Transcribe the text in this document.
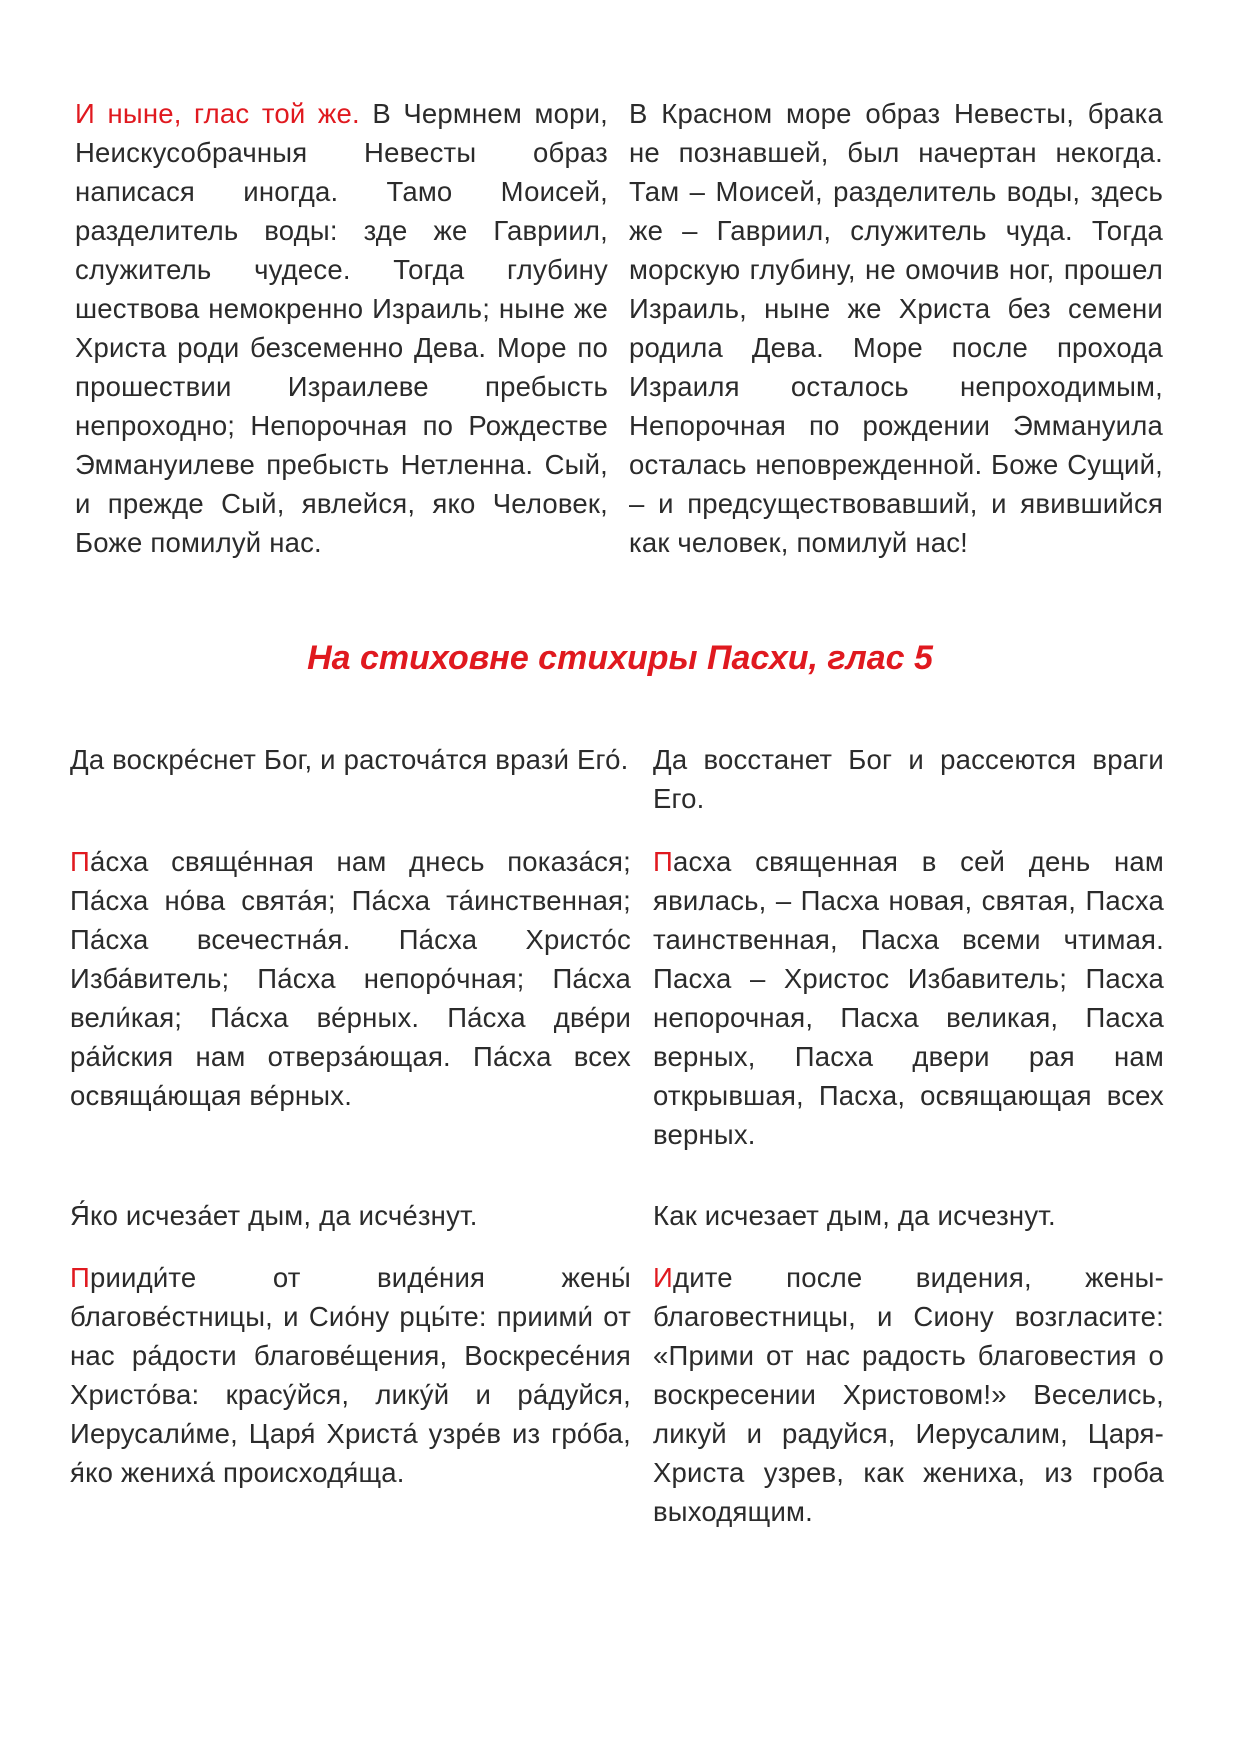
И ныне, глас той же. В Чермнем мори, Неискусобрачныя Невесты образ написася иногда. Тамо Моисей, разделитель воды: зде же Гавриил, служитель чудесе. Тогда глубину шествова немокренно Израиль; ныне же Христа роди безсеменно Дева. Море по прошествии Израилеве пребысть непроходно; Непорочная по Рождестве Эммануилеве пребысть Нетленна. Сый, и прежде Сый, явлейся, яко Человек, Боже помилуй нас.

В Красном море образ Невесты, брака не познавшей, был начертан некогда. Там – Моисей, разделитель воды, здесь же – Гавриил, служитель чуда. Тогда морскую глубину, не омочив ног, прошел Израиль, ныне же Христа без семени родила Дева. Море после прохода Израиля осталось непроходимым, Непорочная по рождении Эммануила осталась неповрежденной. Боже Сущий, – и предсуществовавший, и явившийся как человек, помилуй нас!

На стиховне стихиры Пасхи, глас 5

Да воскре́снет Бог, и расточа́тся врази́ Его́. Да восстанет Бог и рассеются враги Его.

Па́сха свяще́нная нам днесь показа́ся; Па́сха но́ва свята́я; Па́сха та́инственная; Па́сха всечестна́я. Па́сха Христо́с Изба́витель; Па́сха непоро́чная; Па́сха вели́кая; Па́сха ве́рных. Па́сха две́ри ра́йския нам отверза́ющая. Па́сха всех освяща́ющая ве́рных.

Пасха священная в сей день нам явилась, – Пасха новая, святая, Пасха таинственная, Пасха всеми чтимая. Пасха – Христос Избавитель; Пасха непорочная, Пасха великая, Пасха верных, Пасха двери рая нам открывшая, Пасха, освящающая всех верных.

Я́ко исчеза́ет дым, да исче́знут.	Как исчезает дым, да исчезнут.

Прииди́те от виде́ния жены́ благове́стницы, и Сио́ну рцы́те: приими́ от нас ра́дости благове́щения, Воскресе́ния Христо́ва: красу́йся, лику́й и ра́дуйся, Иерусали́ме, Царя́ Христа́ узре́в из гро́ба, я́ко жениха́ происходя́ща.

Идите после видения, жены-благовестницы, и Сиону возгласите: «Прими от нас радость благовестия о воскресении Христовом!» Веселись, ликуй и радуйся, Иерусалим, Царя-Христа узрев, как жениха, из гроба выходящим.
